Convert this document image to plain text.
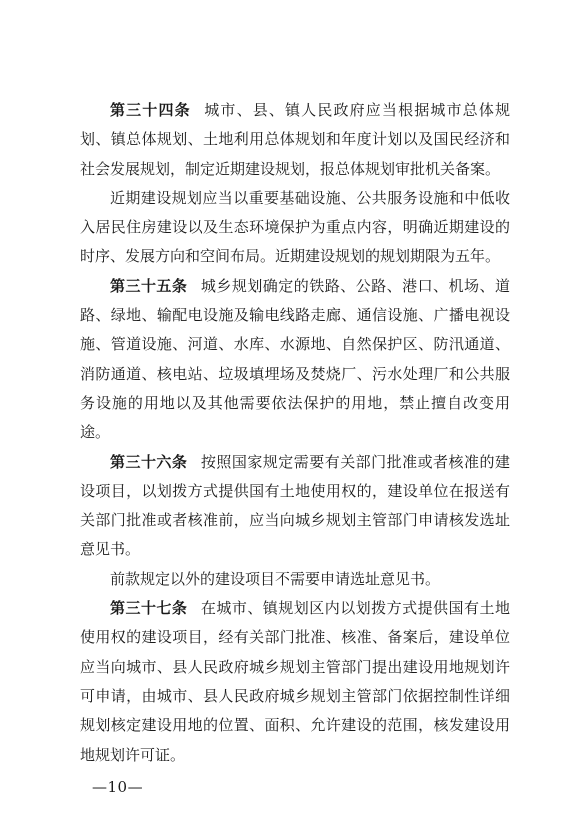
第三十四条 城市、县、镇人民政府应当根据城市总体规划、镇总体规划、土地利用总体规划和年度计划以及国民经济和社会发展规划，制定近期建设规划，报总体规划审批机关备案。

近期建设规划应当以重要基础设施、公共服务设施和中低收入居民住房建设以及生态环境保护为重点内容，明确近期建设的时序、发展方向和空间布局。近期建设规划的规划期限为五年。

第三十五条 城乡规划确定的铁路、公路、港口、机场、道路、绿地、输配电设施及输电线路走廊、通信设施、广播电视设施、管道设施、河道、水库、水源地、自然保护区、防汛通道、消防通道、核电站、垃圾填埋场及焚烧厂、污水处理厂和公共服务设施的用地以及其他需要依法保护的用地，禁止擅自改变用途。

第三十六条 按照国家规定需要有关部门批准或者核准的建设项目，以划拨方式提供国有土地使用权的，建设单位在报送有关部门批准或者核准前，应当向城乡规划主管部门申请核发选址意见书。

前款规定以外的建设项目不需要申请选址意见书。

第三十七条 在城市、镇规划区内以划拨方式提供国有土地使用权的建设项目，经有关部门批准、核准、备案后，建设单位应当向城市、县人民政府城乡规划主管部门提出建设用地规划许可申请，由城市、县人民政府城乡规划主管部门依据控制性详细规划核定建设用地的位置、面积、允许建设的范围，核发建设用地规划许可证。

—10—
